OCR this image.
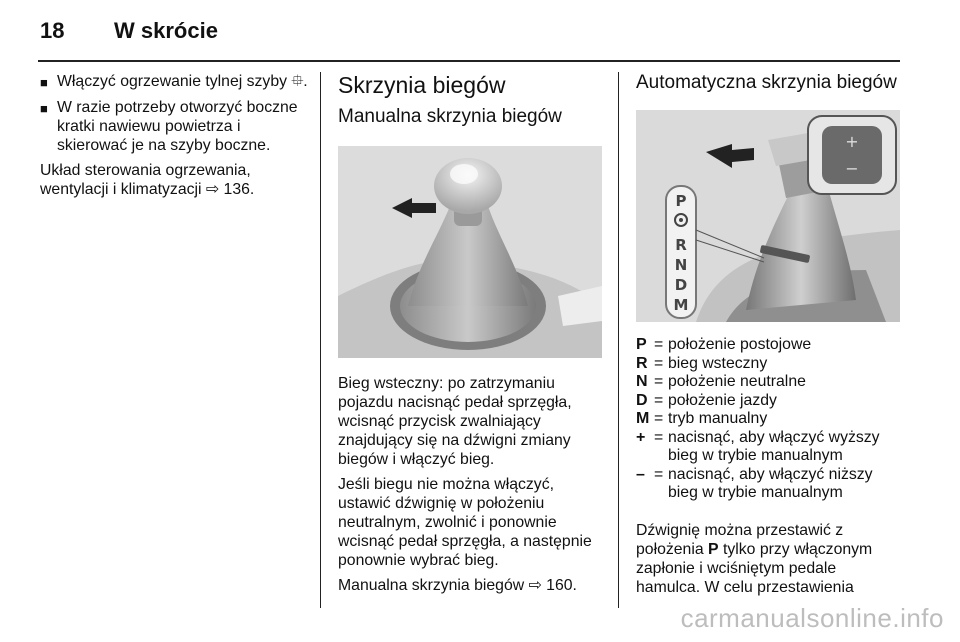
18	W skrócie
■ Włączyć ogrzewanie tylnej szyby ⯐.
■ W razie potrzeby otworzyć boczne kratki nawiewu powietrza i skierować je na szyby boczne.

Układ sterowania ogrzewania, wentylacji i klimatyzacji ⇨ 136.

Skrzynia biegów
Manualna skrzynia biegów

Bieg wsteczny: po zatrzymaniu pojazdu nacisnąć pedał sprzęgła, wcisnąć przycisk zwalniający znajdujący się na dźwigni zmiany biegów i włączyć bieg.

Jeśli biegu nie można włączyć, ustawić dźwignię w położeniu neutralnym, zwolnić i ponownie wcisnąć pedał sprzęgła, a następnie ponownie wybrać bieg.

Manualna skrzynia biegów ⇨ 160.

Automatyczna skrzynia biegów
+
−
P
R
N
D
M
P = położenie postojowe
R = bieg wsteczny
N = położenie neutralne
D = położenie jazdy
M = tryb manualny
+ = nacisnąć, aby włączyć wyższy bieg w trybie manualnym
– = nacisnąć, aby włączyć niższy bieg w trybie manualnym

Dźwignię można przestawić z położenia P tylko przy włączonym zapłonie i wciśniętym pedale hamulca. W celu przestawienia

carmanualsonline.info
